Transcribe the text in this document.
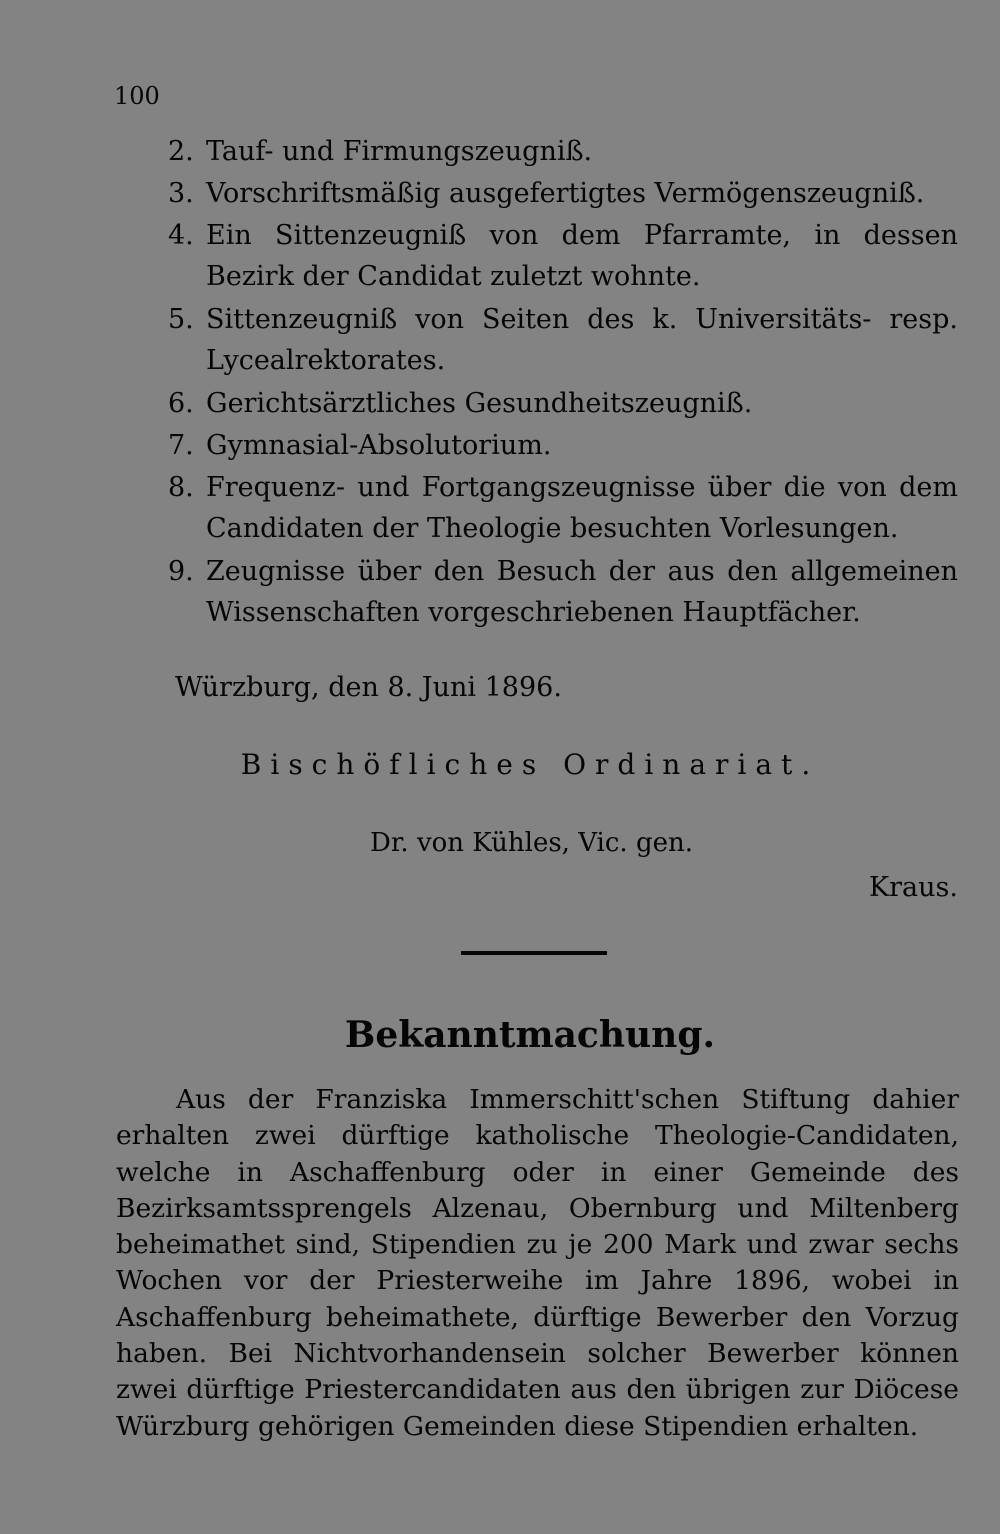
100
2. Tauf- und Firmungszeugniß.
3. Vorschriftsmäßig ausgefertigtes Vermögenszeugniß.
4. Ein Sittenzeugniß von dem Pfarramte, in dessen Bezirk der Candidat zuletzt wohnte.
5. Sittenzeugniß von Seiten des k. Universitäts- resp. Lycealrektorates.
6. Gerichtsärztliches Gesundheitszeugniß.
7. Gymnasial-Absolutorium.
8. Frequenz- und Fortgangszeugnisse über die von dem Candidaten der Theologie besuchten Vorlesungen.
9. Zeugnisse über den Besuch der aus den allgemeinen Wissenschaften vorgeschriebenen Hauptfächer.
Würzburg, den 8. Juni 1896.
Bischöfliches Ordinariat.
Dr. von Kühles, Vic. gen.
Kraus.
Bekanntmachung.

Aus der Franziska Immerschitt'schen Stiftung dahier erhalten zwei dürftige katholische Theologie-Candidaten, welche in Aschaffenburg oder in einer Gemeinde des Bezirksamtssprengels Alzenau, Obernburg und Miltenberg beheimathet sind, Stipendien zu je 200 Mark und zwar sechs Wochen vor der Priesterweihe im Jahre 1896, wobei in Aschaffenburg beheimathete, dürftige Bewerber den Vorzug haben. Bei Nichtvorhandensein solcher Bewerber können zwei dürftige Priestercandidaten aus den übrigen zur Diöcese Würzburg gehörigen Gemeinden diese Stipendien erhalten.
